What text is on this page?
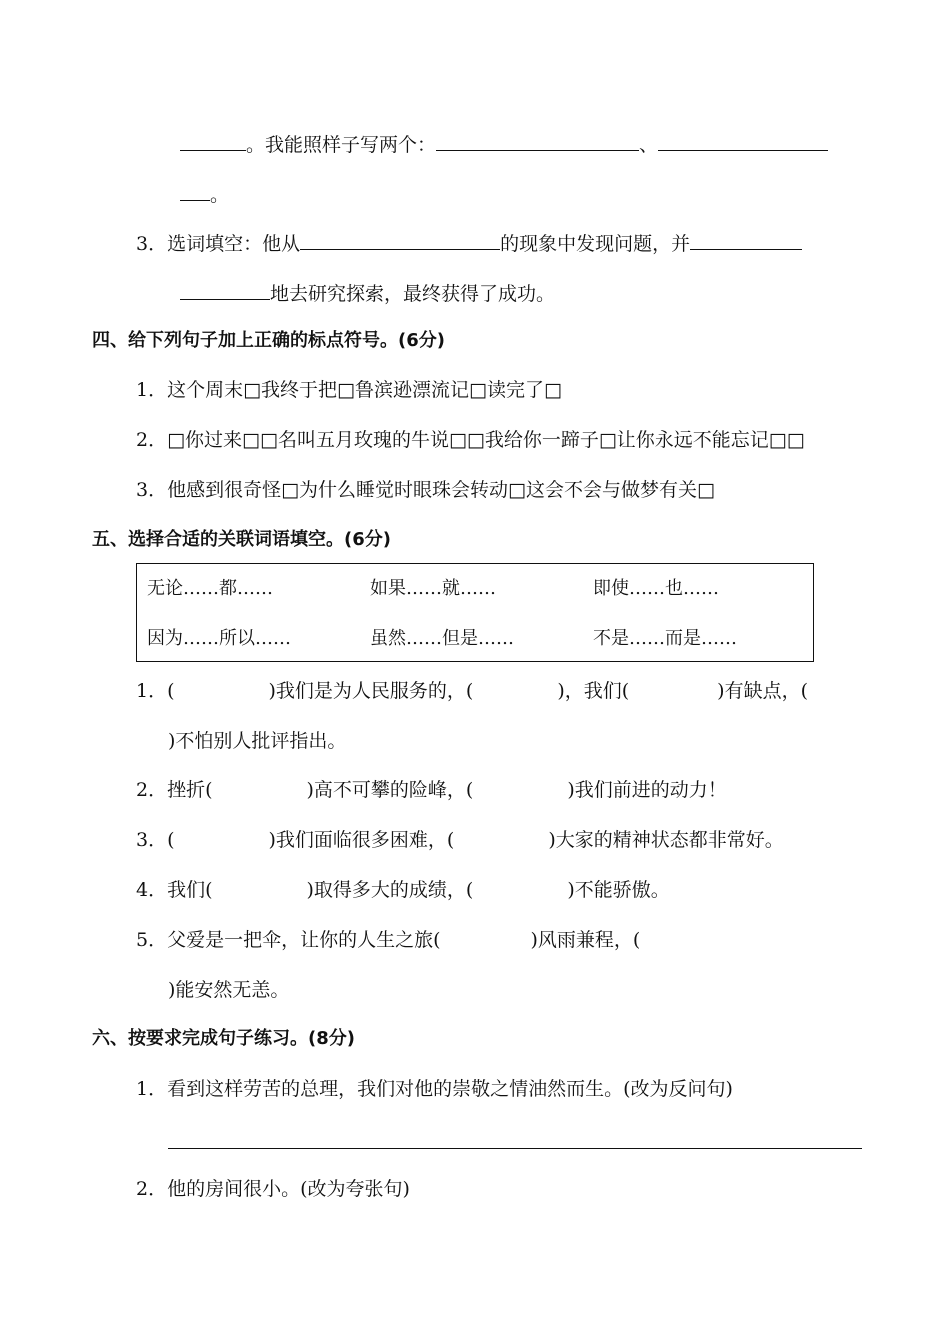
。我能照样子写两个：	、
。
3．选词填空：他从	的现象中发现问题，并
地去研究探索，最终获得了成功。
四、给下列句子加上正确的标点符号。(6分)
1．这个周末□我终于把□鲁滨逊漂流记□读完了□
2．□你过来□□名叫五月玫瑰的牛说□□我给你一蹄子□让你永远不能忘记□□
3．他感到很奇怪□为什么睡觉时眼珠会转动□这会不会与做梦有关□
五、选择合适的关联词语填空。(6分)
无论……都……	如果……就……	即使……也……
因为……所以……	虽然……但是……	不是……而是……
1．(	)我们是为人民服务的，(	)，我们(	)有缺点，(
)不怕别人批评指出。
2．挫折(	)高不可攀的险峰，(	)我们前进的动力！
3．(	)我们面临很多困难，(	)大家的精神状态都非常好。
4．我们(	)取得多大的成绩，(	)不能骄傲。
5．父爱是一把伞，让你的人生之旅(	)风雨兼程，(
)能安然无恙。
六、按要求完成句子练习。(8分)
1．看到这样劳苦的总理，我们对他的崇敬之情油然而生。(改为反问句)
2．他的房间很小。(改为夸张句)
